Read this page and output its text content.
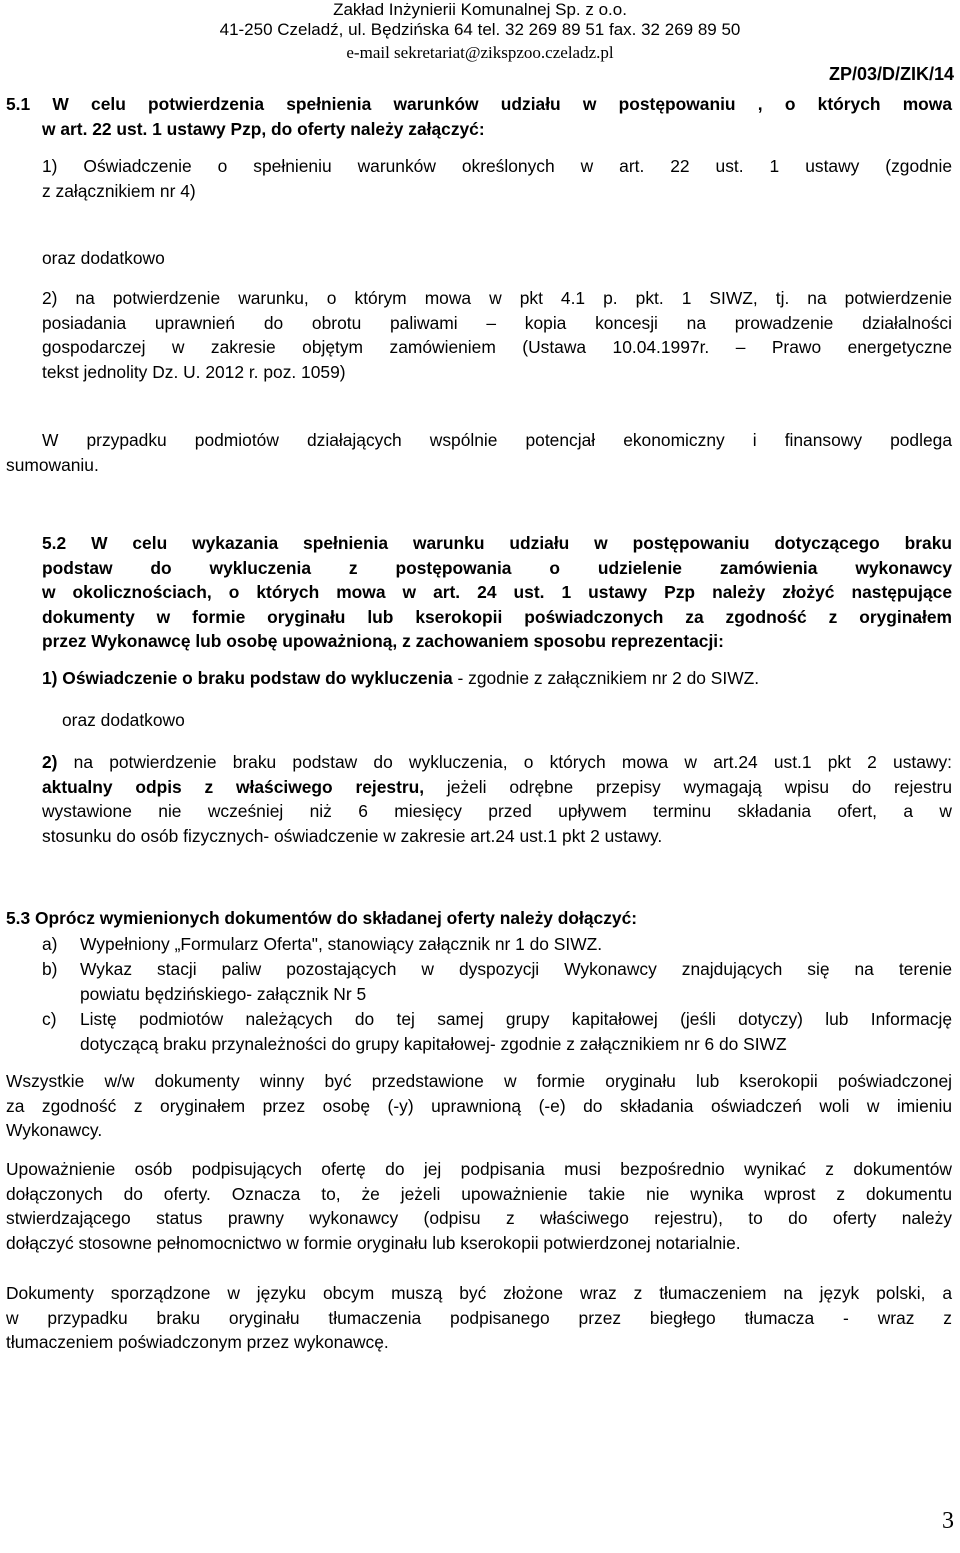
Zakład Inżynierii Komunalnej Sp. z o.o.
41-250 Czeladź, ul. Będzińska 64 tel. 32 269 89 51 fax. 32 269 89 50
e-mail sekretariat@zikspzoo.czeladz.pl
ZP/03/D/ZIK/14
5.1 W celu potwierdzenia spełnienia warunków udziału w postępowaniu , o których mowa
w art. 22 ust. 1 ustawy Pzp, do oferty należy załączyć:
1) Oświadczenie o spełnieniu warunków określonych w art. 22 ust. 1 ustawy (zgodnie
z załącznikiem nr 4)
oraz dodatkowo
2) na potwierdzenie warunku, o którym mowa w pkt 4.1 p. pkt. 1 SIWZ, tj. na potwierdzenie
posiadania uprawnień do obrotu paliwami – kopia koncesji na prowadzenie działalności
gospodarczej w zakresie objętym zamówieniem (Ustawa 10.04.1997r. – Prawo energetyczne
tekst jednolity Dz. U. 2012 r. poz. 1059)
W przypadku podmiotów działających wspólnie potencjał ekonomiczny i finansowy podlega
sumowaniu.
5.2 W celu wykazania spełnienia warunku udziału w postępowaniu dotyczącego braku
podstaw do wykluczenia z postępowania o udzielenie zamówienia wykonawcy
w okolicznościach, o których mowa w art. 24 ust. 1 ustawy Pzp należy złożyć następujące
dokumenty w formie oryginału lub kserokopii poświadczonych za zgodność z oryginałem
przez Wykonawcę lub osobę upoważnioną, z zachowaniem sposobu reprezentacji:
1) Oświadczenie o braku podstaw do wykluczenia - zgodnie z załącznikiem nr 2 do SIWZ.
oraz dodatkowo
2) na potwierdzenie braku podstaw do wykluczenia, o których mowa w art.24 ust.1 pkt 2 ustawy:
aktualny odpis z właściwego rejestru, jeżeli odrębne przepisy wymagają wpisu do rejestru
wystawione nie wcześniej niż 6 miesięcy przed upływem terminu składania ofert, a w
stosunku do osób fizycznych- oświadczenie w zakresie art.24 ust.1 pkt 2 ustawy.
5.3 Oprócz wymienionych dokumentów do składanej oferty należy dołączyć:
a) Wypełniony „Formularz Oferta", stanowiący załącznik nr 1 do SIWZ.
b) Wykaz stacji paliw pozostających w dyspozycji Wykonawcy znajdujących się na terenie
powiatu będzińskiego- załącznik Nr 5
c) Listę podmiotów należących do tej samej grupy kapitałowej (jeśli dotyczy) lub Informację
dotyczącą braku przynależności do grupy kapitałowej- zgodnie z załącznikiem nr 6 do SIWZ
Wszystkie w/w dokumenty winny być przedstawione w formie oryginału lub kserokopii poświadczonej
za zgodność z oryginałem przez osobę (-y) uprawnioną (-e) do składania oświadczeń woli w imieniu
Wykonawcy.
Upoważnienie osób podpisujących ofertę do jej podpisania musi bezpośrednio wynikać z dokumentów
dołączonych do oferty. Oznacza to, że jeżeli upoważnienie takie nie wynika wprost z dokumentu
stwierdzającego status prawny wykonawcy (odpisu z właściwego rejestru), to do oferty należy
dołączyć stosowne pełnomocnictwo w formie oryginału lub kserokopii potwierdzonej notarialnie.
Dokumenty sporządzone w języku obcym muszą być złożone wraz z tłumaczeniem na język polski, a
w przypadku braku oryginału tłumaczenia podpisanego przez biegłego tłumacza - wraz z
tłumaczeniem poświadczonym przez wykonawcę.
3
